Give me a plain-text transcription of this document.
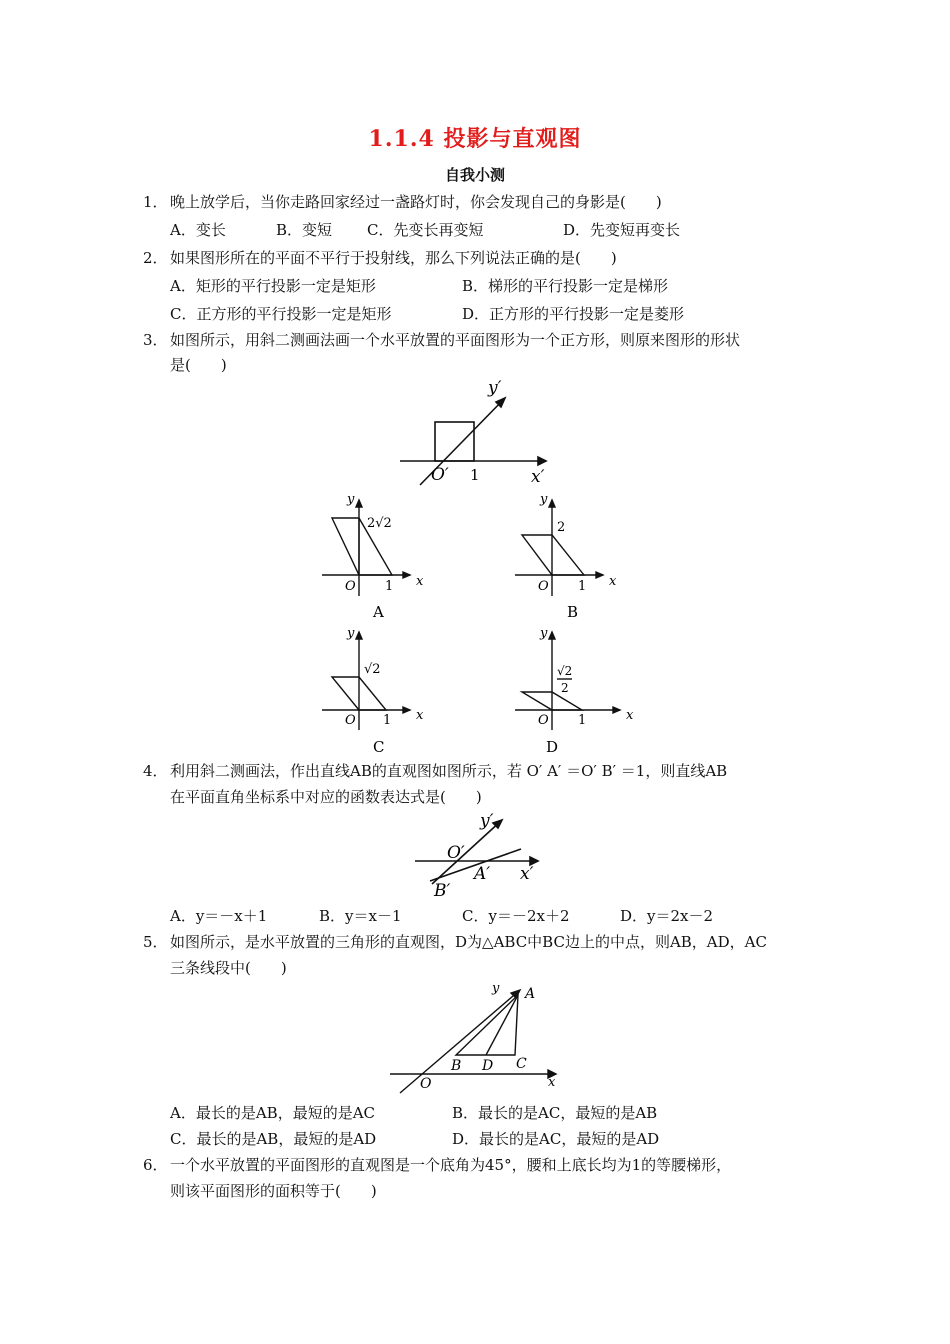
1.1.4 投影与直观图
自我小测
1． 晚上放学后，当你走路回家经过一盏路灯时，你会发现自己的身影是(　　)
A．变长	B．变短 C．先变长再变短	D．先变短再变长
2． 如果图形所在的平面不平行于投射线，那么下列说法正确的是(　　)
A．矩形的平行投影一定是矩形	B．梯形的平行投影一定是梯形
C．正方形的平行投影一定是矩形	D．正方形的平行投影一定是菱形
3． 如图所示，用斜二测画法画一个水平放置的平面图形为一个正方形，则原来图形的形状
是(　　)
y′
x′
O′ 1
y
x
O 1
2√2
A
y
x
O 1
2
B
y
x
O 1
√2
C
y
x
O 1
√2
2
D
4． 利用斜二测画法，作出直线AB的直观图如图所示，若 O′ A′ ＝O′ B′ ＝1，则直线AB
在平面直角坐标系中对应的函数表达式是(　　)
y′
x′
O′
A′
B′
A．y＝－x＋1	B．y＝x－1	C．y＝－2x＋2	D．y＝2x－2
5． 如图所示，是水平放置的三角形的直观图，D为△ABC中BC边上的中点，则AB，AD，AC
三条线段中(　　)
y
x
O
A
B D C
A．最长的是AB，最短的是AC	B．最长的是AC，最短的是AB
C．最长的是AB，最短的是AD	D．最长的是AC，最短的是AD
6． 一个水平放置的平面图形的直观图是一个底角为45°，腰和上底长均为1的等腰梯形，
则该平面图形的面积等于(　　)
